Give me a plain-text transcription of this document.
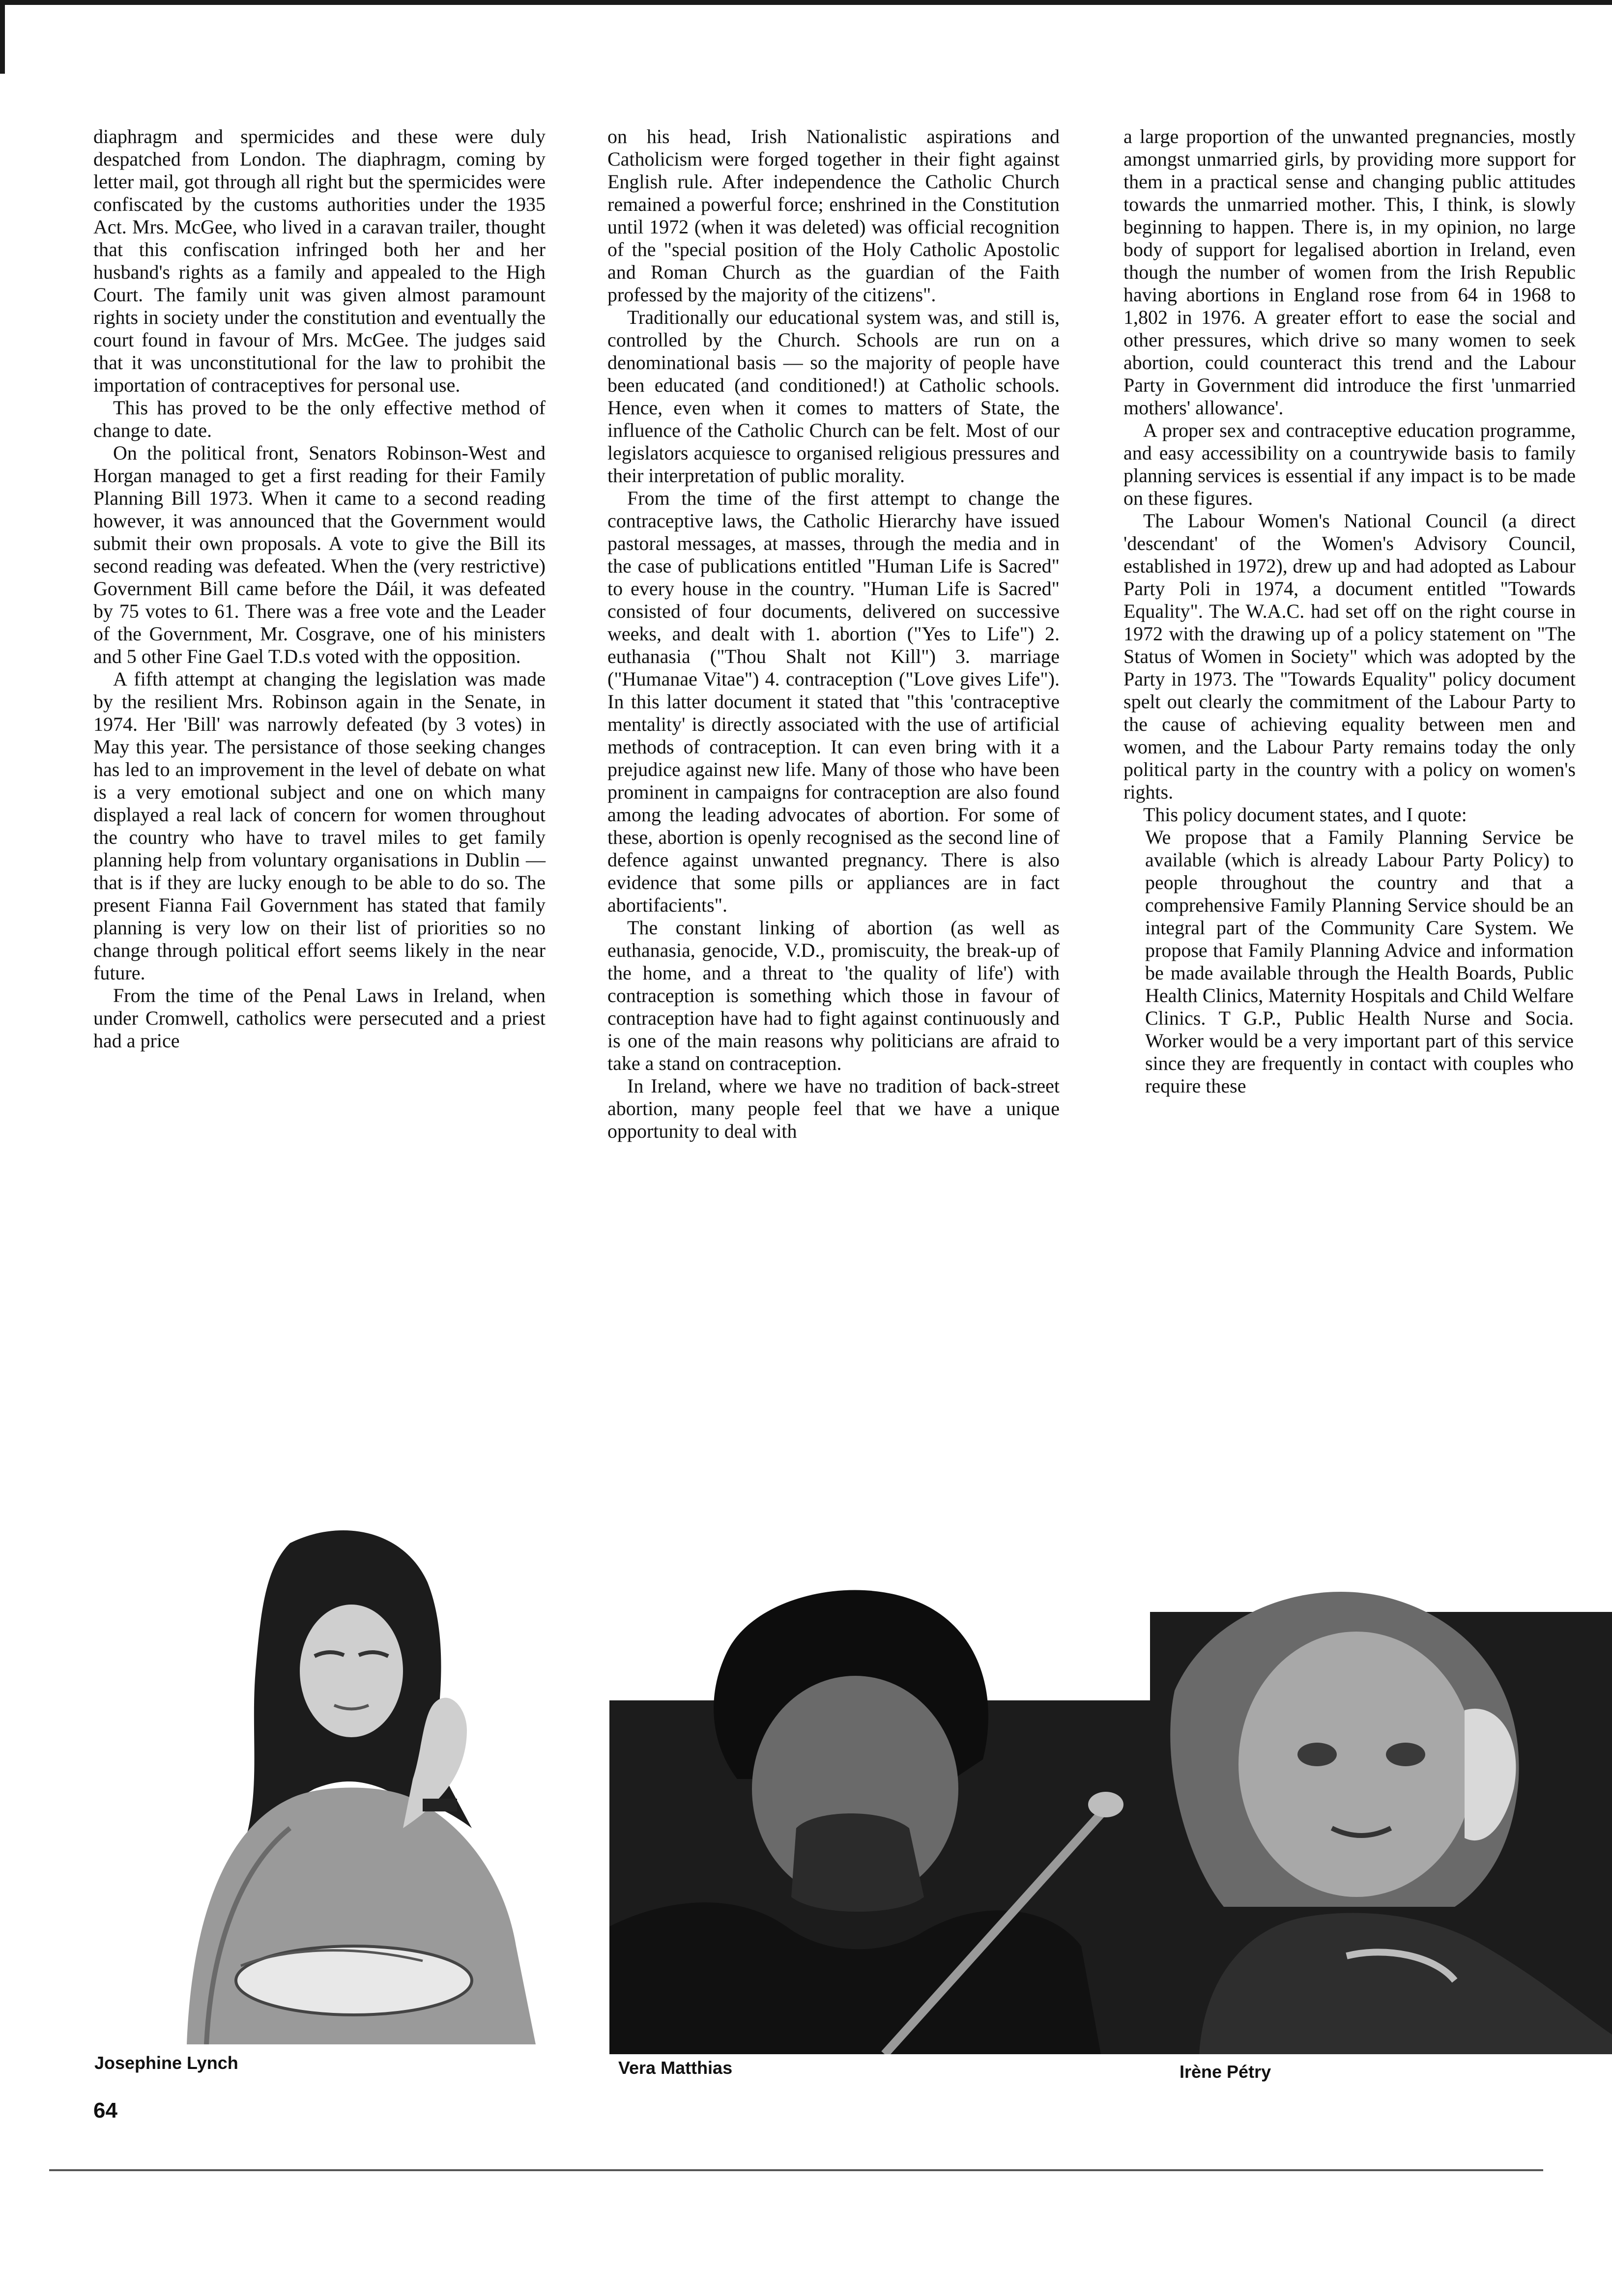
diaphragm and spermicides and these were duly despatched from London. The diaphragm, coming by letter mail, got through all right but the spermicides were confiscated by the customs authorities under the 1935 Act. Mrs. McGee, who lived in a caravan trailer, thought that this confiscation infringed both her and her husband's rights as a family and appealed to the High Court. The family unit was given almost paramount rights in society under the constitution and eventually the court found in favour of Mrs. McGee. The judges said that it was unconstitutional for the law to prohibit the importation of contraceptives for personal use.

This has proved to be the only effective method of change to date.

On the political front, Senators Robinson-West and Horgan managed to get a first reading for their Family Planning Bill 1973. When it came to a second reading however, it was announced that the Government would submit their own proposals. A vote to give the Bill its second reading was defeated. When the (very restrictive) Government Bill came before the Dáil, it was defeated by 75 votes to 61. There was a free vote and the Leader of the Government, Mr. Cosgrave, one of his ministers and 5 other Fine Gael T.D.s voted with the opposition.

A fifth attempt at changing the legislation was made by the resilient Mrs. Robinson again in the Senate, in 1974. Her 'Bill' was narrowly defeated (by 3 votes) in May this year. The persistance of those seeking changes has led to an improvement in the level of debate on what is a very emotional subject and one on which many displayed a real lack of concern for women throughout the country who have to travel miles to get family planning help from voluntary organisations in Dublin — that is if they are lucky enough to be able to do so. The present Fianna Fail Government has stated that family planning is very low on their list of priorities so no change through political effort seems likely in the near future.

From the time of the Penal Laws in Ireland, when under Cromwell, catholics were persecuted and a priest had a price

on his head, Irish Nationalistic aspirations and Catholicism were forged together in their fight against English rule. After independence the Catholic Church remained a powerful force; enshrined in the Constitution until 1972 (when it was deleted) was official recognition of the "special position of the Holy Catholic Apostolic and Roman Church as the guardian of the Faith professed by the majority of the citizens".

Traditionally our educational system was, and still is, controlled by the Church. Schools are run on a denominational basis — so the majority of people have been educated (and conditioned!) at Catholic schools. Hence, even when it comes to matters of State, the influence of the Catholic Church can be felt. Most of our legislators acquiesce to organised religious pressures and their interpretation of public morality.

From the time of the first attempt to change the contraceptive laws, the Catholic Hierarchy have issued pastoral messages, at masses, through the media and in the case of publications entitled "Human Life is Sacred" to every house in the country. "Human Life is Sacred" consisted of four documents, delivered on successive weeks, and dealt with 1. abortion ("Yes to Life") 2. euthanasia ("Thou Shalt not Kill") 3. marriage ("Humanae Vitae") 4. contraception ("Love gives Life"). In this latter document it stated that "this 'contraceptive mentality' is directly associated with the use of artificial methods of contraception. It can even bring with it a prejudice against new life. Many of those who have been prominent in campaigns for contraception are also found among the leading advocates of abortion. For some of these, abortion is openly recognised as the second line of defence against unwanted pregnancy. There is also evidence that some pills or appliances are in fact abortifacients".

The constant linking of abortion (as well as euthanasia, genocide, V.D., promiscuity, the break-up of the home, and a threat to 'the quality of life') with contraception is something which those in favour of contraception have had to fight against continuously and is one of the main reasons why politicians are afraid to take a stand on contraception.

In Ireland, where we have no tradition of back-street abortion, many people feel that we have a unique opportunity to deal with

a large proportion of the unwanted pregnancies, mostly amongst unmarried girls, by providing more support for them in a practical sense and changing public attitudes towards the unmarried mother. This, I think, is slowly beginning to happen. There is, in my opinion, no large body of support for legalised abortion in Ireland, even though the number of women from the Irish Republic having abortions in England rose from 64 in 1968 to 1,802 in 1976. A greater effort to ease the social and other pressures, which drive so many women to seek abortion, could counteract this trend and the Labour Party in Government did introduce the first 'unmarried mothers' allowance'.

A proper sex and contraceptive education programme, and easy accessibility on a countrywide basis to family planning services is essential if any impact is to be made on these figures.

The Labour Women's National Council (a direct 'descendant' of the Women's Advisory Council, established in 1972), drew up and had adopted as Labour Party Poli in 1974, a document entitled "Towards Equality". The W.A.C. had set off on the right course in 1972 with the drawing up of a policy statement on "The Status of Women in Society" which was adopted by the Party in 1973. The "Towards Equality" policy document spelt out clearly the commitment of the Labour Party to the cause of achieving equality between men and women, and the Labour Party remains today the only political party in the country with a policy on women's rights.

This policy document states, and I quote:

We propose that a Family Planning Service be available (which is already Labour Party Policy) to people throughout the country and that a comprehensive Family Planning Service should be an integral part of the Community Care System. We propose that Family Planning Advice and information be made available through the Health Boards, Public Health Clinics, Maternity Hospitals and Child Welfare Clinics. T G.P., Public Health Nurse and Socia. Worker would be a very important part of this service since they are frequently in contact with couples who require these

Josephine Lynch	Vera Matthias	Irène Pétry
64
